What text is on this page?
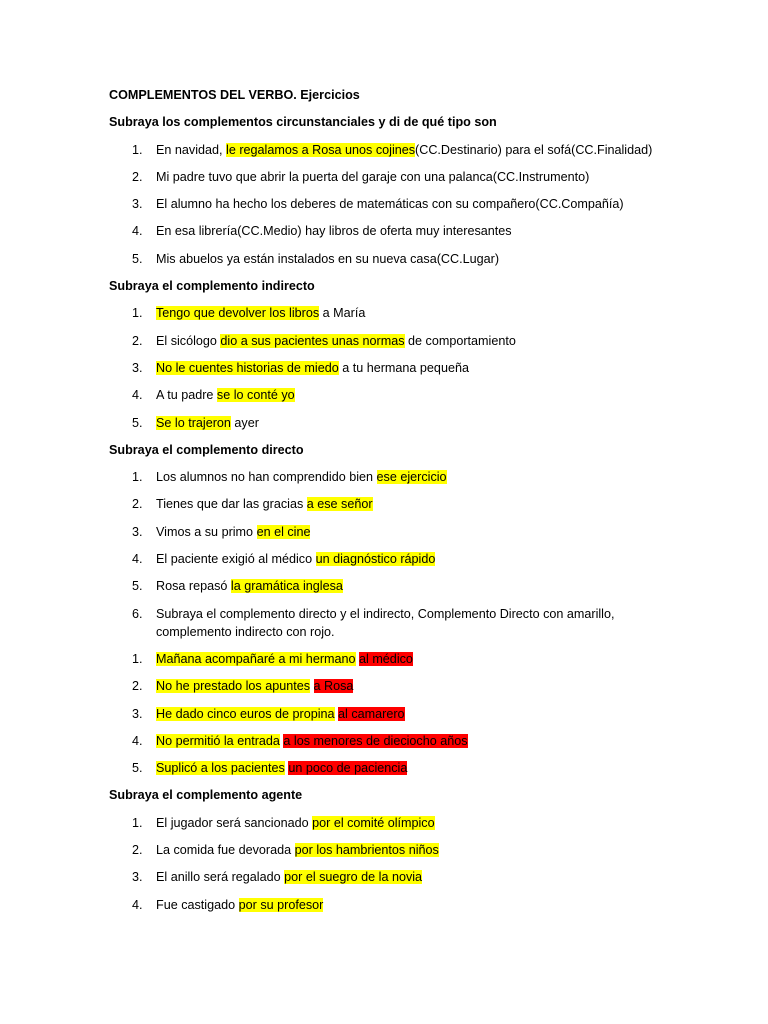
COMPLEMENTOS DEL VERBO. Ejercicios

Subraya los complementos circunstanciales y di de qué tipo son

1. En navidad, le regalamos a Rosa unos cojines(CC.Destinario) para el sofá(CC.Finalidad)
2. Mi padre tuvo que abrir la puerta del garaje con una palanca(CC.Instrumento)
3. El alumno ha hecho los deberes de matemáticas con su compañero(CC.Compañía)
4. En esa librería(CC.Medio) hay libros de oferta muy interesantes
5. Mis abuelos ya están instalados en su nueva casa(CC.Lugar)

Subraya el complemento indirecto

1. Tengo que devolver los libros a María
2. El sicólogo dio a sus pacientes unas normas de comportamiento
3. No le cuentes historias de miedo a tu hermana pequeña
4. A tu padre se lo conté yo
5. Se lo trajeron ayer

Subraya el complemento directo

1. Los alumnos no han comprendido bien ese ejercicio
2. Tienes que dar las gracias a ese señor
3. Vimos a su primo en el cine
4. El paciente exigió al médico un diagnóstico rápido
5. Rosa repasó la gramática inglesa
6. Subraya el complemento directo y el indirecto, Complemento Directo con amarillo, complemento indirecto con rojo.
1. Mañana acompañaré a mi hermano al médico
2. No he prestado los apuntes a Rosa
3. He dado cinco euros de propina al camarero
4. No permitió la entrada a los menores de dieciocho años
5. Suplicó a los pacientes un poco de paciencia

Subraya el complemento agente

1. El jugador será sancionado por el comité olímpico
2. La comida fue devorada por los hambrientos niños
3. El anillo será regalado por el suegro de la novia
4. Fue castigado por su profesor
